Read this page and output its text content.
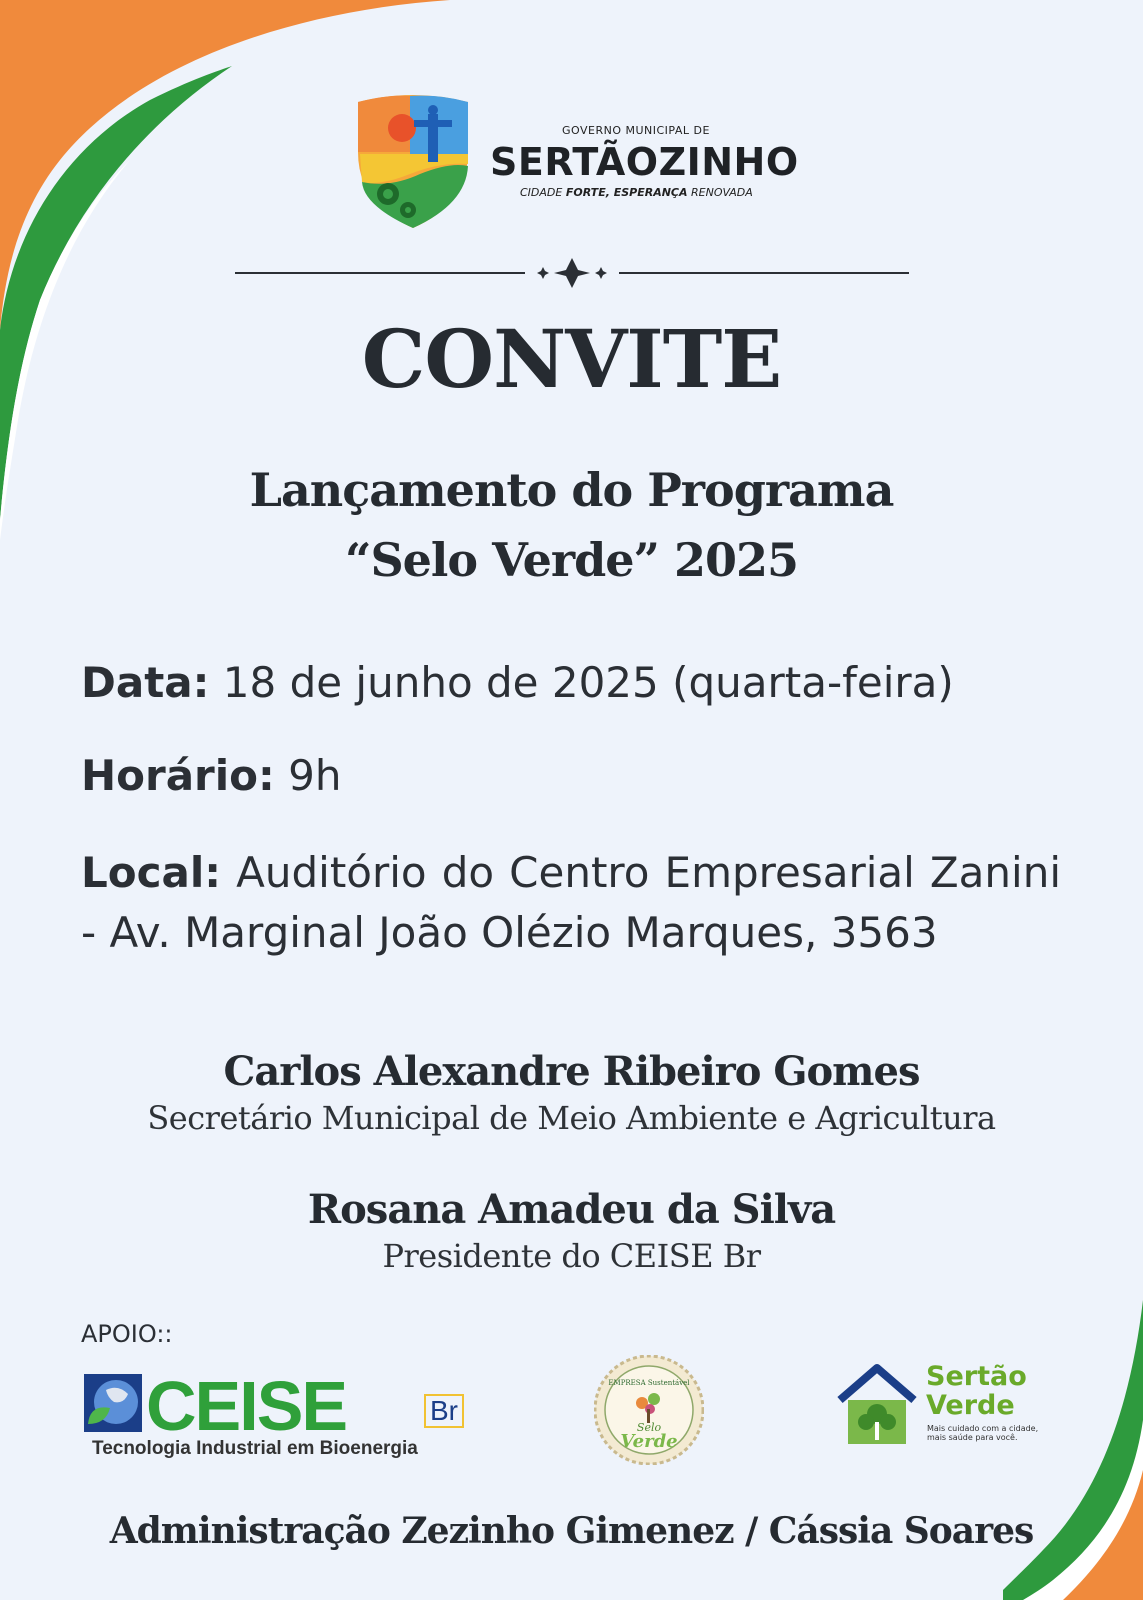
GOVERNO MUNICIPAL DE
SERTÃOZINHO
CIDADE FORTE, ESPERANÇA RENOVADA
CONVITE
Lançamento do Programa
“Selo Verde” 2025
Data: 18 de junho de 2025 (quarta-feira)
Horário: 9h
Local: Auditório do Centro Empresarial Zanini - Av. Marginal João Olézio Marques, 3563
Carlos Alexandre Ribeiro Gomes
Secretário Municipal de Meio Ambiente e Agricultura
Rosana Amadeu da Silva
Presidente do CEISE Br
APOIO::
CEISE	Br
Tecnologia Industrial em Bioenergia
EMPRESA Sustentável
Selo
Verde
Sertão
Verde
Mais cuidado com a cidade,
mais saúde para você.
Administração Zezinho Gimenez / Cássia Soares
